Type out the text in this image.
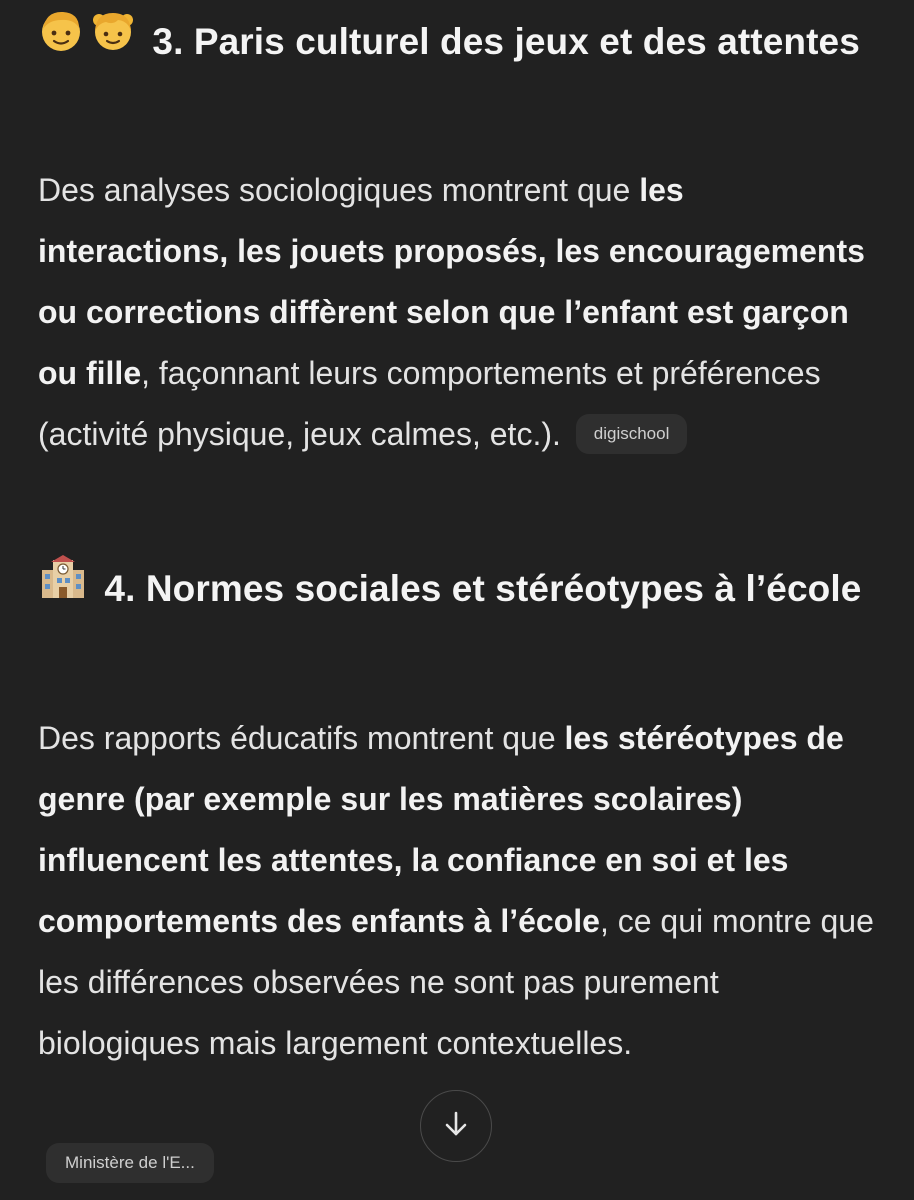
3. Paris culturel des jeux et des attentes

Des analyses sociologiques montrent que les interactions, les jouets proposés, les encouragements ou corrections diffèrent selon que l’enfant est garçon ou fille, façonnant leurs comportements et préférences (activité physique, jeux calmes, etc.). digischool

4. Normes sociales et stéréotypes à l’école

Des rapports éducatifs montrent que les stéréotypes de genre (par exemple sur les matières scolaires) influencent les attentes, la confiance en soi et les comportements des enfants à l’école, ce qui montre que les différences observées ne sont pas purement biologiques mais largement contextuelles.

Ministère de l'E...
